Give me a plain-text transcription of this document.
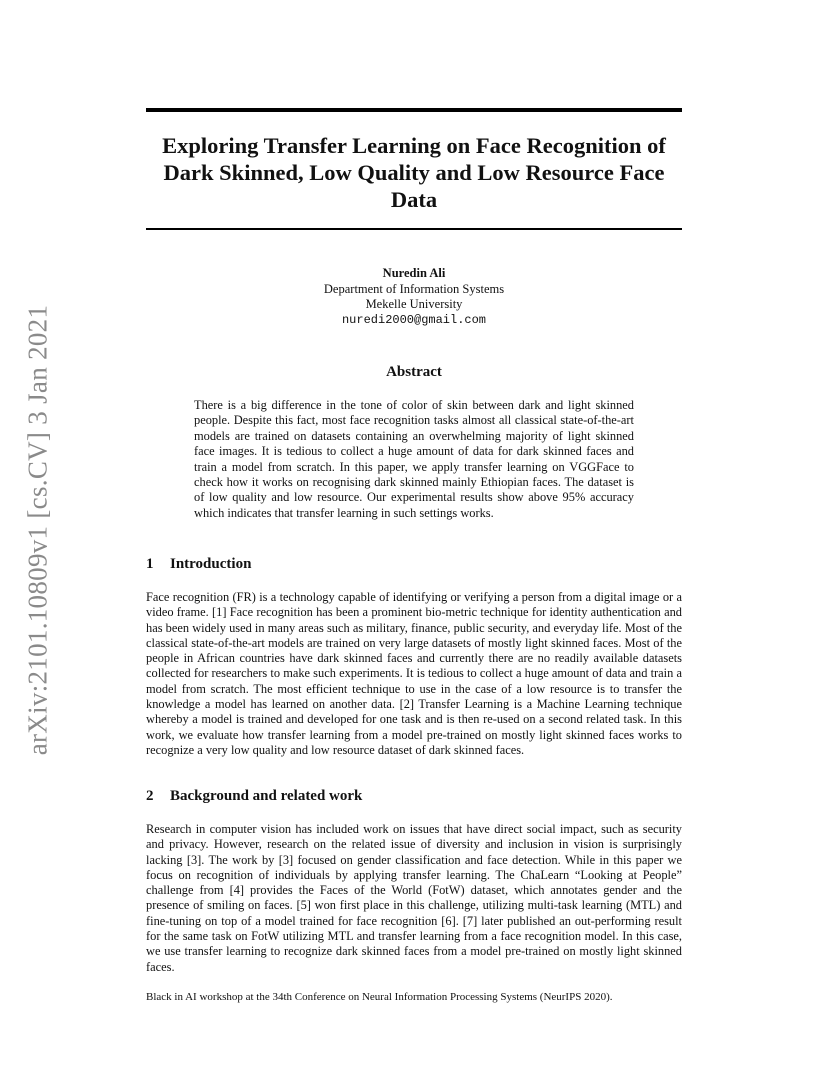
arXiv:2101.10809v1 [cs.CV] 3 Jan 2021
Exploring Transfer Learning on Face Recognition of Dark Skinned, Low Quality and Low Resource Face Data
Nuredin Ali
Department of Information Systems
Mekelle University
nuredi2000@gmail.com
Abstract
There is a big difference in the tone of color of skin between dark and light skinned people. Despite this fact, most face recognition tasks almost all classical state-of-the-art models are trained on datasets containing an overwhelming majority of light skinned face images. It is tedious to collect a huge amount of data for dark skinned faces and train a model from scratch. In this paper, we apply transfer learning on VGGFace to check how it works on recognising dark skinned mainly Ethiopian faces. The dataset is of low quality and low resource. Our experimental results show above 95% accuracy which indicates that transfer learning in such settings works.
1 Introduction
Face recognition (FR) is a technology capable of identifying or verifying a person from a digital image or a video frame. [1] Face recognition has been a prominent bio-metric technique for identity authentication and has been widely used in many areas such as military, finance, public security, and everyday life. Most of the classical state-of-the-art models are trained on very large datasets of mostly light skinned faces. Most of the people in African countries have dark skinned faces and currently there are no readily available datasets collected for researchers to make such experiments. It is tedious to collect a huge amount of data and train a model from scratch. The most efficient technique to use in the case of a low resource is to transfer the knowledge a model has learned on another data. [2] Transfer Learning is a Machine Learning technique whereby a model is trained and developed for one task and is then re-used on a second related task. In this work, we evaluate how transfer learning from a model pre-trained on mostly light skinned faces works to recognize a very low quality and low resource dataset of dark skinned faces.
2 Background and related work
Research in computer vision has included work on issues that have direct social impact, such as security and privacy. However, research on the related issue of diversity and inclusion in vision is surprisingly lacking [3]. The work by [3] focused on gender classification and face detection. While in this paper we focus on recognition of individuals by applying transfer learning. The ChaLearn “Looking at People” challenge from [4] provides the Faces of the World (FotW) dataset, which annotates gender and the presence of smiling on faces. [5] won first place in this challenge, utilizing multi-task learning (MTL) and fine-tuning on top of a model trained for face recognition [6]. [7] later published an out-performing result for the same task on FotW utilizing MTL and transfer learning from a face recognition model. In this case, we use transfer learning to recognize dark skinned faces from a model pre-trained on mostly light skinned faces.
Black in AI workshop at the 34th Conference on Neural Information Processing Systems (NeurIPS 2020).
